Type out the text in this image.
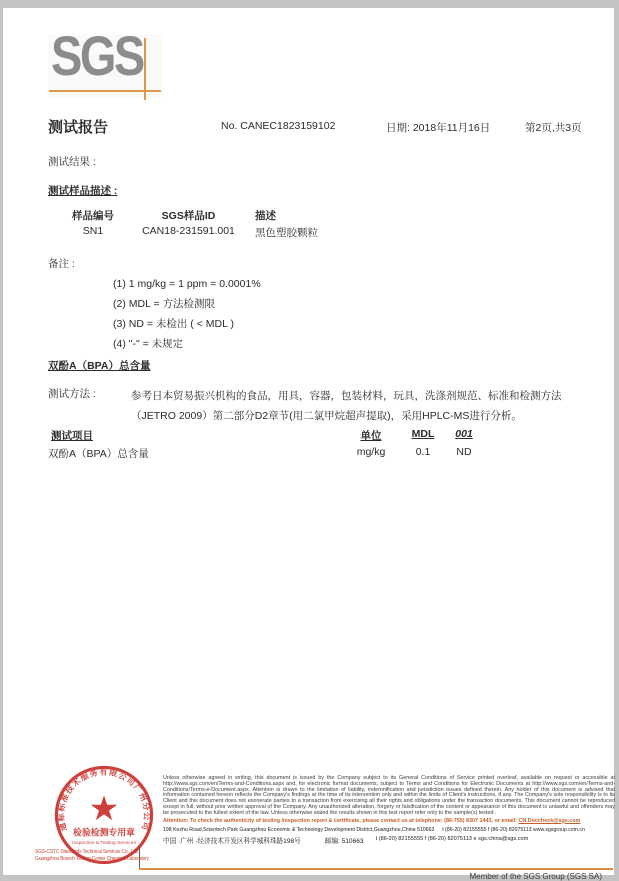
SGS
测试报告	No. CANEC1823159102	日期: 2018年11月16日	第2页,共3页
测试结果 :
测试样品描述 :
样品编号	SGS样品ID	描述
SN1	CAN18-231591.001	黑色塑胶颗粒
备注 :
(1) 1 mg/kg = 1 ppm = 0.0001%
(2) MDL = 方法检测限
(3) ND = 未检出 ( < MDL )
(4) "-" = 未规定
双酚A（BPA）总含量
测试方法 :	参考日本贸易振兴机构的食品，用具，容器，包装材料，玩具，洗涤剂规范、标准和检测方法（JETRO 2009）第二部分D2章节(用二氯甲烷超声提取)，采用HPLC-MS进行分析。
测试项目	单位	MDL	001
双酚A（BPA）总含量	mg/kg	0.1	ND
Unless otherwise agreed in writing, this document is issued by the Company subject to its General Conditions of Service printed overleaf, available on request or accessible at http://www.sgs.com/en/Terms-and-Conditions.aspx and, for electronic format documents, subject to Terms and Conditions for Electronic Documents at http://www.sgs.com/en/Terms-and-Conditions/Terms-e-Document.aspx. Attention is drawn to the limitation of liability, indemnification and jurisdiction issues defined therein. Any holder of this document is advised that information contained hereon reflects the Company's findings at the time of its intervention only and within the limits of Client's instructions, if any. The Company's sole responsibility is to its Client and this document does not exonerate parties to a transaction from exercising all their rights and obligations under the transaction documents. This document cannot be reproduced except in full, without prior written approval of the Company. Any unauthorized alteration, forgery or falsification of the content or appearance of this document is unlawful and offenders may be prosecuted to the fullest extent of the law. Unless otherwise stated the results shown in this test report refer only to the sample(s) tested .
Attention: To check the authenticity of testing /inspection report & certificate, please contact us at telephone: (86-755) 8307 1443, or email: CN.Doccheck@sgs.com
198 Kezhu Road,Scientech Park Guangzhou Economic & Technology Development District,Guangzhou,China 510663 t (86-20) 82155555 f (86-20) 82075113 www.sgsgroup.com.cn
中国 ·广州 ·经济技术开发区科学城科珠路198号	邮编: 510663 t (86-20) 82155555 f (86-20) 82075113 e sgs.china@sgs.com
Member of the SGS Group (SGS SA)
SGS-CSTC Standards Technical Services Co., Ltd.
Guangzhou Branch Testing Center Chemical Laboratory
通标标准技术服务有限公司广州分公司
★
检验检测专用章
Inspection & Testing Services
